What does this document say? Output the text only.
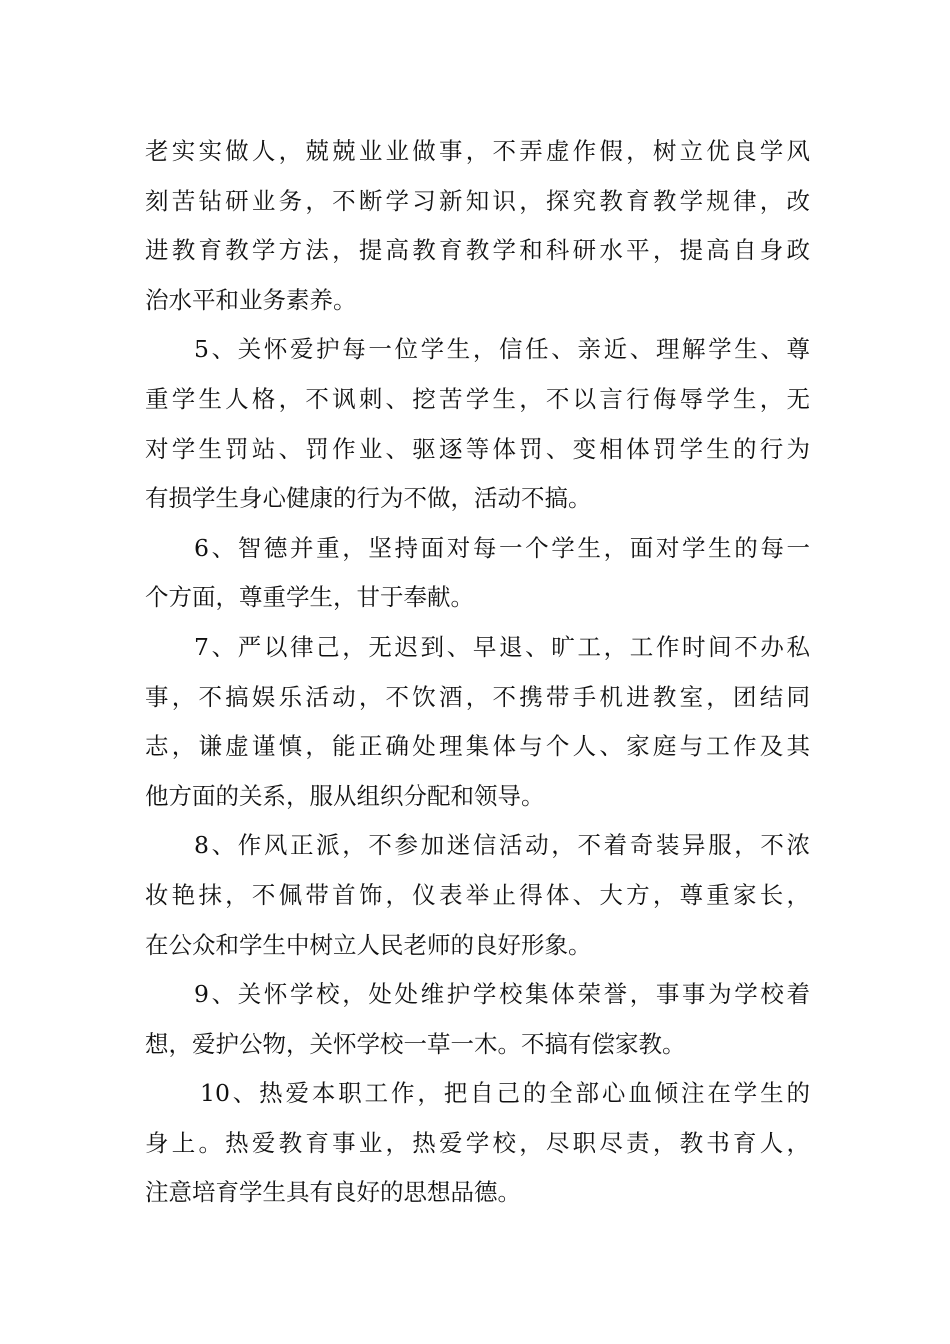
老实实做人，兢兢业业做事，不弄虚作假，树立优良学风
刻苦钻研业务，不断学习新知识，探究教育教学规律，改
进教育教学方法，提高教育教学和科研水平，提高自身政
治水平和业务素养。
5、关怀爱护每一位学生，信任、亲近、理解学生、尊
重学生人格，不讽刺、挖苦学生，不以言行侮辱学生，无
对学生罚站、罚作业、驱逐等体罚、变相体罚学生的行为
有损学生身心健康的行为不做，活动不搞。
6、智德并重，坚持面对每一个学生，面对学生的每一
个方面，尊重学生，甘于奉献。
7、严以律己，无迟到、早退、旷工，工作时间不办私
事，不搞娱乐活动，不饮酒，不携带手机进教室，团结同
志，谦虚谨慎，能正确处理集体与个人、家庭与工作及其
他方面的关系，服从组织分配和领导。
8、作风正派，不参加迷信活动，不着奇装异服，不浓
妆艳抹，不佩带首饰，仪表举止得体、大方，尊重家长，
在公众和学生中树立人民老师的良好形象。
9、关怀学校，处处维护学校集体荣誉，事事为学校着
想，爱护公物，关怀学校一草一木。不搞有偿家教。
10、热爱本职工作，把自己的全部心血倾注在学生的
身上。热爱教育事业，热爱学校，尽职尽责，教书育人，
注意培育学生具有良好的思想品德。
